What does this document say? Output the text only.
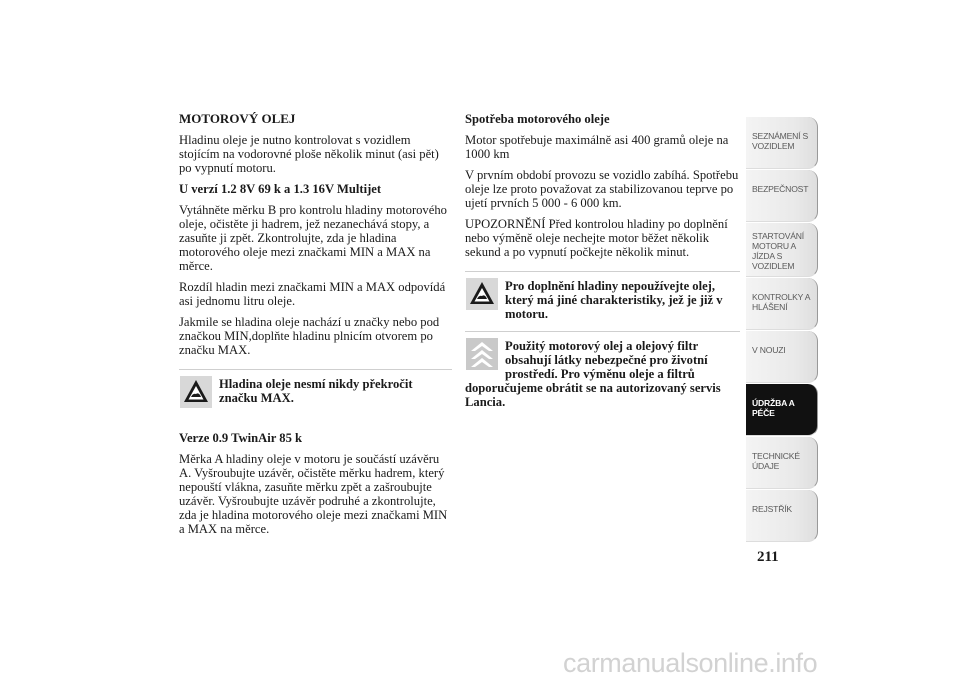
MOTOROVÝ OLEJ

Hladinu oleje je nutno kontrolovat s vozidlem stojícím na vodorovné ploše několik minut (asi pět) po vypnutí motoru.

U verzí 1.2 8V 69 k a 1.3 16V Multijet

Vytáhněte měrku B pro kontrolu hladiny motorového oleje, očistěte ji hadrem, jež nezanechává stopy, a zasuňte ji zpět. Zkontrolujte, zda je hladina motorového oleje mezi značkami MIN a MAX na měrce.

Rozdíl hladin mezi značkami MIN a MAX odpovídá asi jednomu litru oleje.

Jakmile se hladina oleje nachází u značky nebo pod značkou MIN,doplňte hladinu plnicím otvorem po značku MAX.

Hladina oleje nesmí nikdy překročit značku MAX.

Verze 0.9 TwinAir 85 k

Měrka A hladiny oleje v motoru je součástí uzávěru A. Vyšroubujte uzávěr, očistěte měrku hadrem, který nepouští vlákna, zasuňte měrku zpět a zašroubujte uzávěr. Vyšroubujte uzávěr podruhé a zkontrolujte, zda je hladina motorového oleje mezi značkami MIN a MAX na měrce.

Spotřeba motorového oleje

Motor spotřebuje maximálně asi 400 gramů oleje na 1000 km

V prvním období provozu se vozidlo zabíhá. Spotřebu oleje lze proto považovat za stabilizovanou teprve po ujetí prvních 5 000 - 6 000 km.

UPOZORNĚNÍ Před kontrolou hladiny po doplnění nebo výměně oleje nechejte motor běžet několik sekund a po vypnutí počkejte několik minut.

Pro doplnění hladiny nepoužívejte olej, který má jiné charakteristiky, jež je již v motoru.
Použitý motorový olej a olejový filtr
obsahují látky nebezpečné pro životní
prostředí. Pro výměnu oleje a filtrů
doporučujeme obrátit se na autorizovaný servis
Lancia.
SEZNÁMENÍ S VOZIDLEM
BEZPEČNOST
STARTOVÁNÍ MOTORU A JÍZDA S VOZIDLEM
KONTROLKY A HLÁŠENÍ
V NOUZI
ÚDRŽBA A PÉČE
TECHNICKÉ ÚDAJE
REJSTŘÍK
211
carmanualsonline.info
